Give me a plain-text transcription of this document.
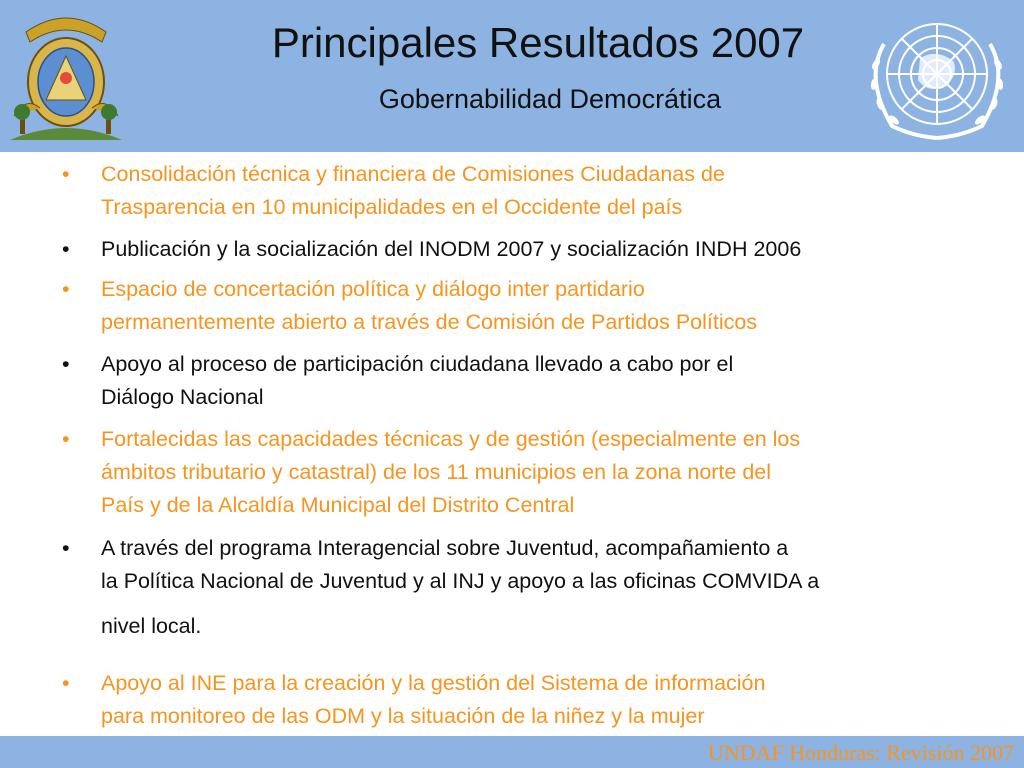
Principales Resultados 2007
Gobernabilidad Democrática
• Consolidación técnica y financiera de Comisiones Ciudadanas de
Trasparencia en 10 municipalidades en el Occidente del país
• Publicación y la socialización del INODM 2007 y socialización INDH 2006
• Espacio de concertación política y diálogo inter partidario
permanentemente abierto a través de Comisión de Partidos Políticos
• Apoyo al proceso de participación ciudadana llevado a cabo por el
Diálogo Nacional
• Fortalecidas las capacidades técnicas y de gestión (especialmente en los
ámbitos tributario y catastral) de los 11 municipios en la zona norte del
País y de la Alcaldía Municipal del Distrito Central
• A través del programa Interagencial sobre Juventud, acompañamiento a
la Política Nacional de Juventud y al INJ y apoyo a las oficinas COMVIDA a
nivel local.
• Apoyo al INE para la creación y la gestión del Sistema de información
para monitoreo de las ODM y la situación de la niñez y la mujer
UNDAF Honduras: Revisión 2007
